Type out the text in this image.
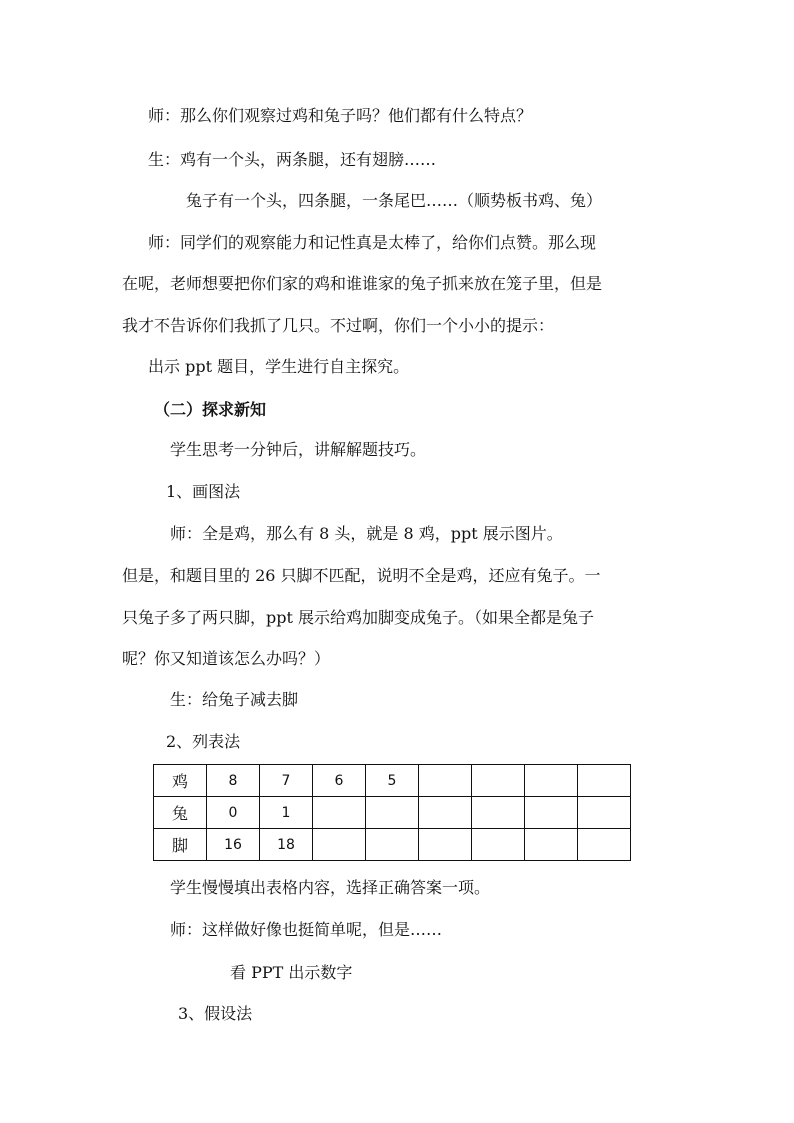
师：那么你们观察过鸡和兔子吗？他们都有什么特点？

生：鸡有一个头，两条腿，还有翅膀……

兔子有一个头，四条腿，一条尾巴……（顺势板书鸡、兔）

师：同学们的观察能力和记性真是太棒了，给你们点赞。那么现

在呢，老师想要把你们家的鸡和谁谁家的兔子抓来放在笼子里，但是

我才不告诉你们我抓了几只。不过啊，你们一个小小的提示：

出示 ppt 题目，学生进行自主探究。

（二）探求新知

学生思考一分钟后，讲解解题技巧。

1、画图法

师：全是鸡，那么有 8 头，就是 8 鸡，ppt 展示图片。

但是，和题目里的 26 只脚不匹配，说明不全是鸡，还应有兔子。一

只兔子多了两只脚，ppt 展示给鸡加脚变成兔子。（如果全都是兔子

呢？你又知道该怎么办吗？）

生：给兔子减去脚

2、列表法

鸡	8	7	6	5				
兔	0	1						
脚	16	18						

学生慢慢填出表格内容，选择正确答案一项。

师：这样做好像也挺简单呢，但是……

看 PPT 出示数字

3、假设法
